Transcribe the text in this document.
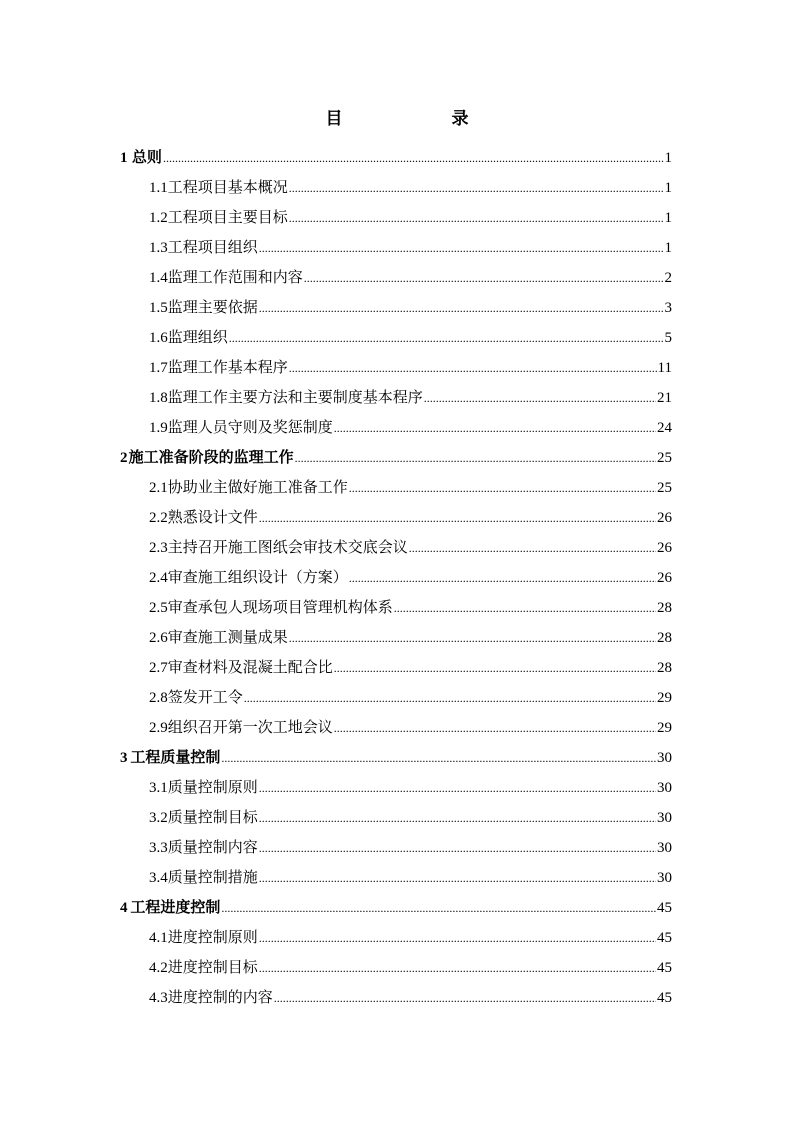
目　录
1 总则 .....	1
1.1 工程项目基本概况 .....	1
1.2 工程项目主要目标 .....	1
1.3 工程项目组织 .....	1
1.4 监理工作范围和内容 .....	2
1.5 监理主要依据 .....	3
1.6 监理组织 .....	5
1.7 监理工作基本程序 .....	11
1.8 监理工作主要方法和主要制度基本程序 .....	21
1.9 监理人员守则及奖惩制度 .....	24
2 施工准备阶段的监理工作 .....	25
2.1 协助业主做好施工准备工作 .....	25
2.2 熟悉设计文件 .....	26
2.3 主持召开施工图纸会审技术交底会议 .....	26
2.4 审查施工组织设计（方案） .....	26
2.5 审查承包人现场项目管理机构体系 .....	28
2.6 审查施工测量成果 .....	28
2.7 审查材料及混凝土配合比 .....	28
2.8 签发开工令 .....	29
2.9 组织召开第一次工地会议 .....	29
3 工程质量控制 .....	30
3.1 质量控制原则 .....	30
3.2 质量控制目标 .....	30
3.3 质量控制内容 .....	30
3.4 质量控制措施 .....	30
4 工程进度控制 .....	45
4.1 进度控制原则 .....	45
4.2 进度控制目标 .....	45
4.3 进度控制的内容 .....	45
